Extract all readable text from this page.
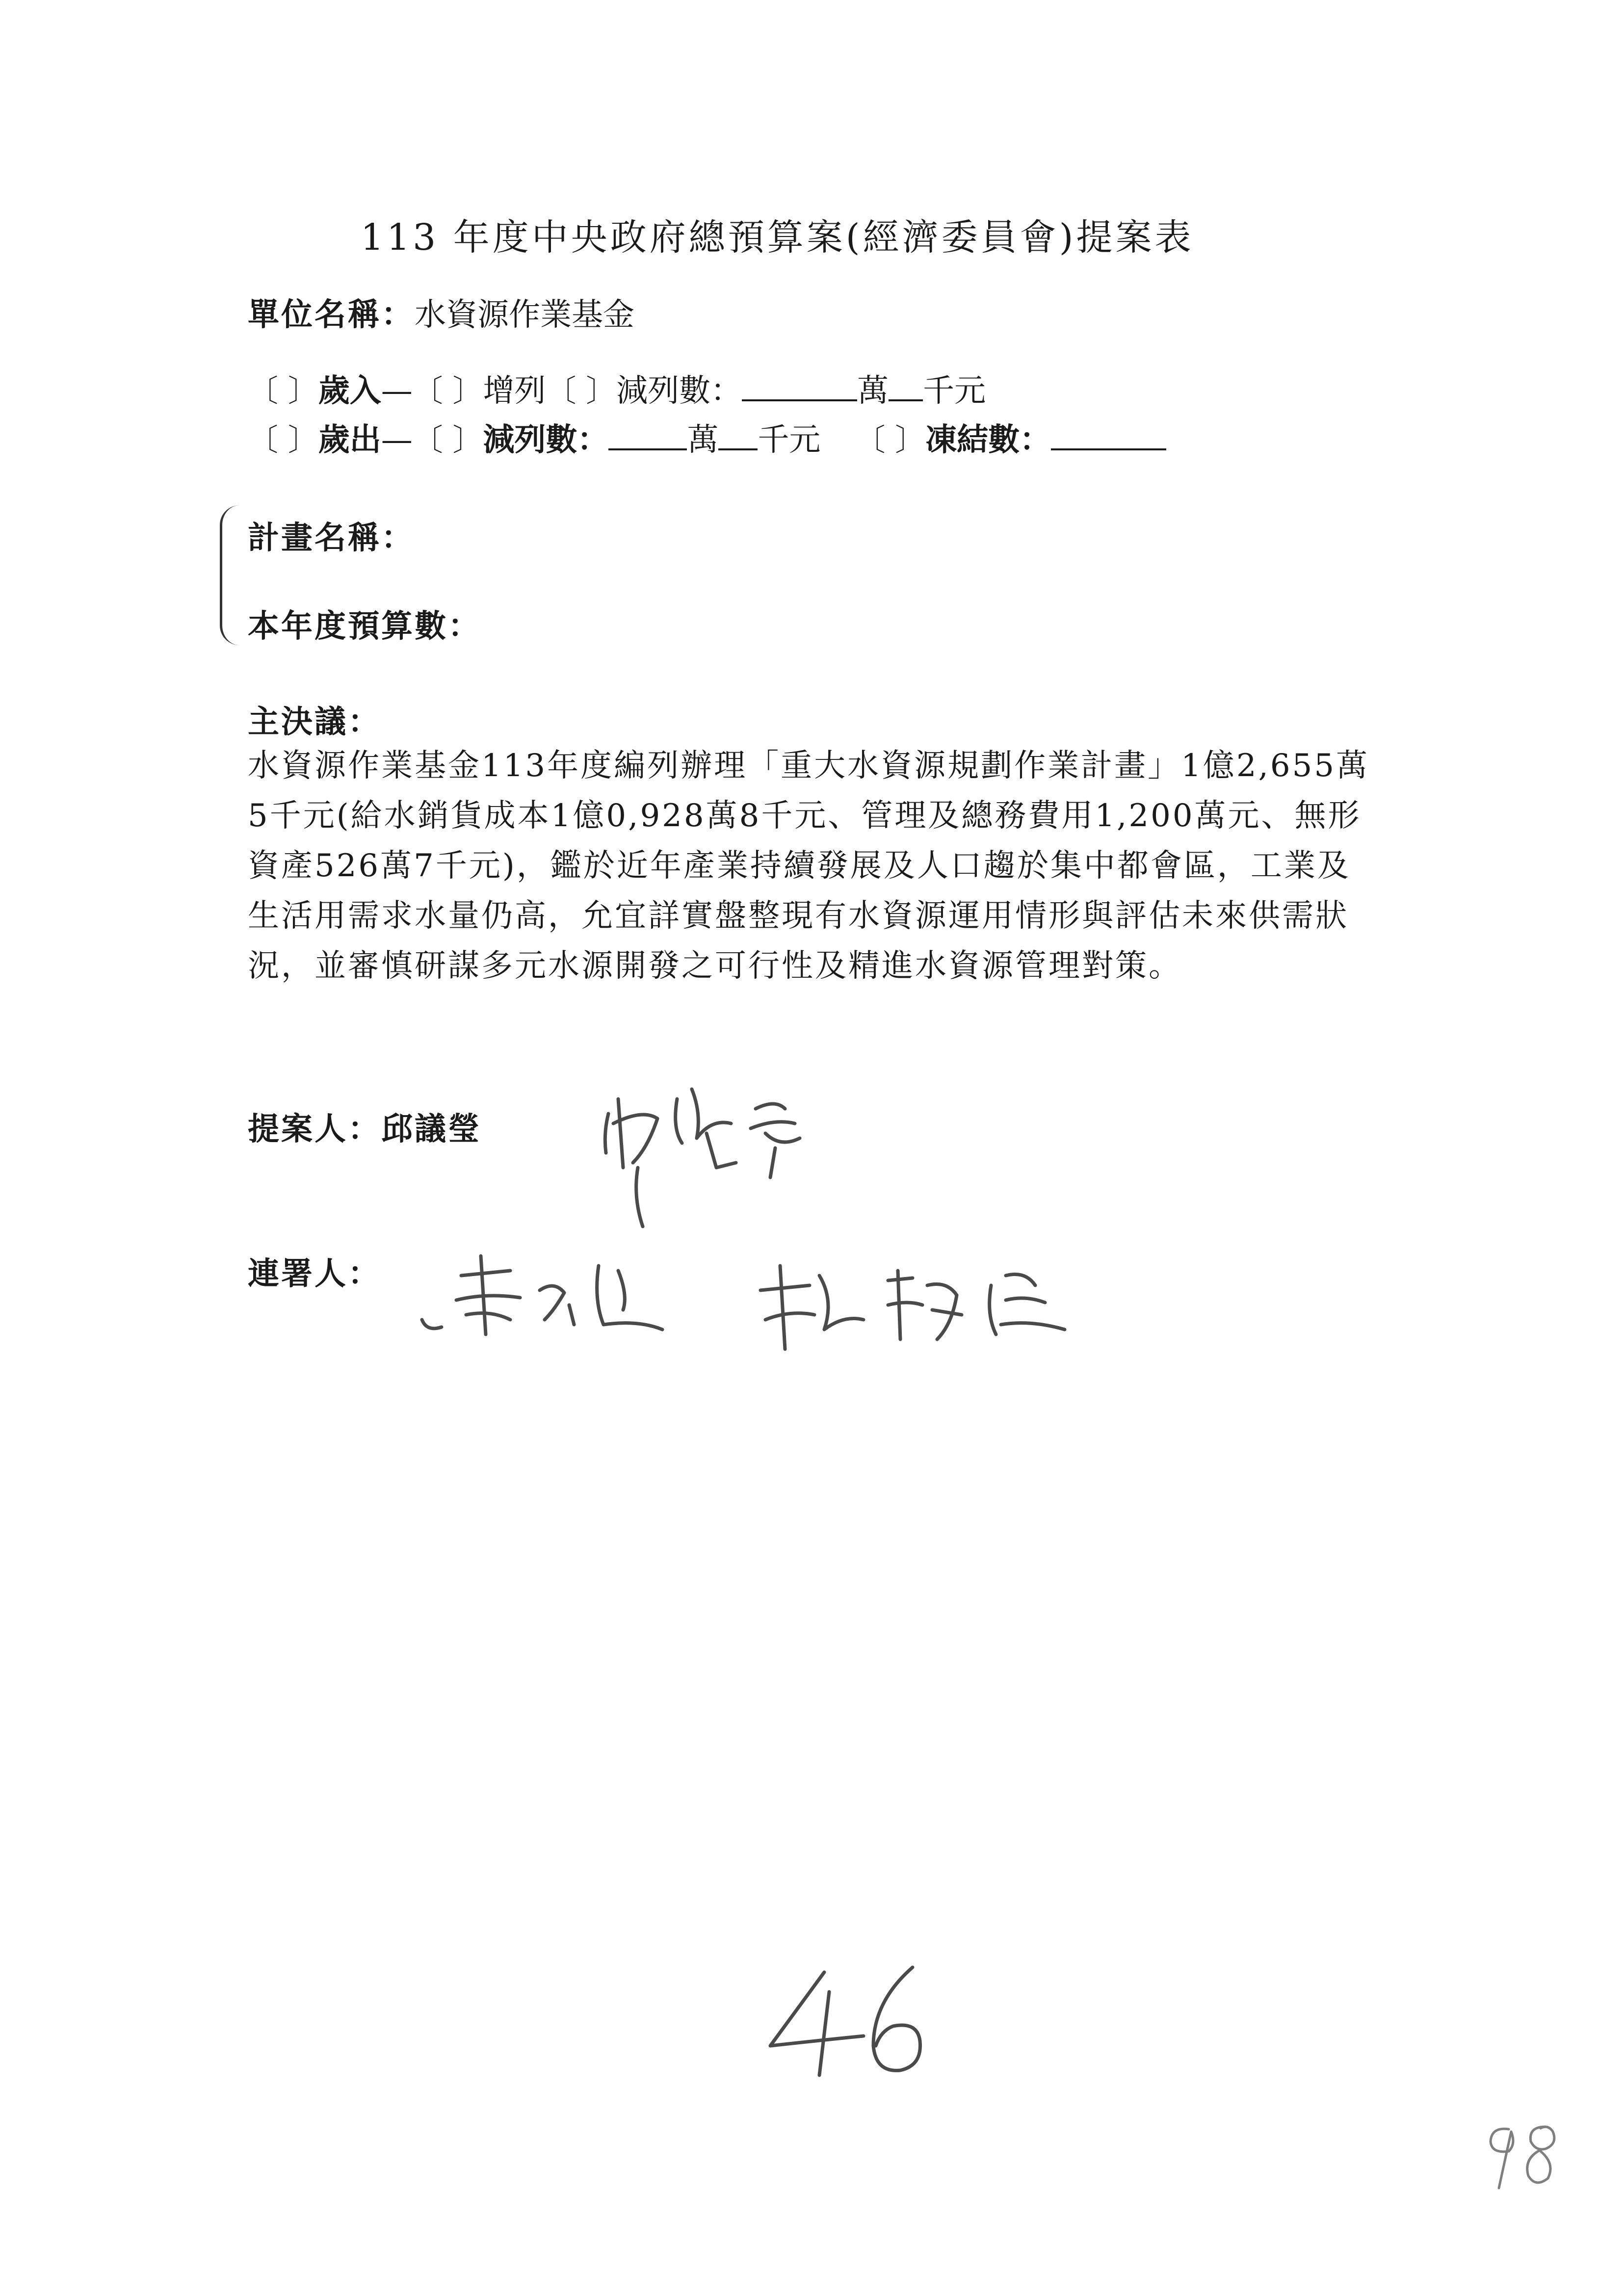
113 年度中央政府總預算案(經濟委員會)提案表
單位名稱：水資源作業基金
〔 〕歲入—〔 〕增列〔 〕減列數：	萬 千元
〔 〕歲出—〔 〕減列數：	萬 千元 〔 〕凍結數：
計畫名稱：
本年度預算數：
主決議：
水資源作業基金113年度編列辦理「重大水資源規劃作業計畫」1億2,655萬5千元(給水銷貨成本1億0,928萬8千元、管理及總務費用1,200萬元、無形資產526萬7千元)，鑑於近年產業持續發展及人口趨於集中都會區，工業及生活用需求水量仍高，允宜詳實盤整現有水資源運用情形與評估未來供需狀況，並審慎研謀多元水源開發之可行性及精進水資源管理對策。
提案人：邱議瑩
連署人：
